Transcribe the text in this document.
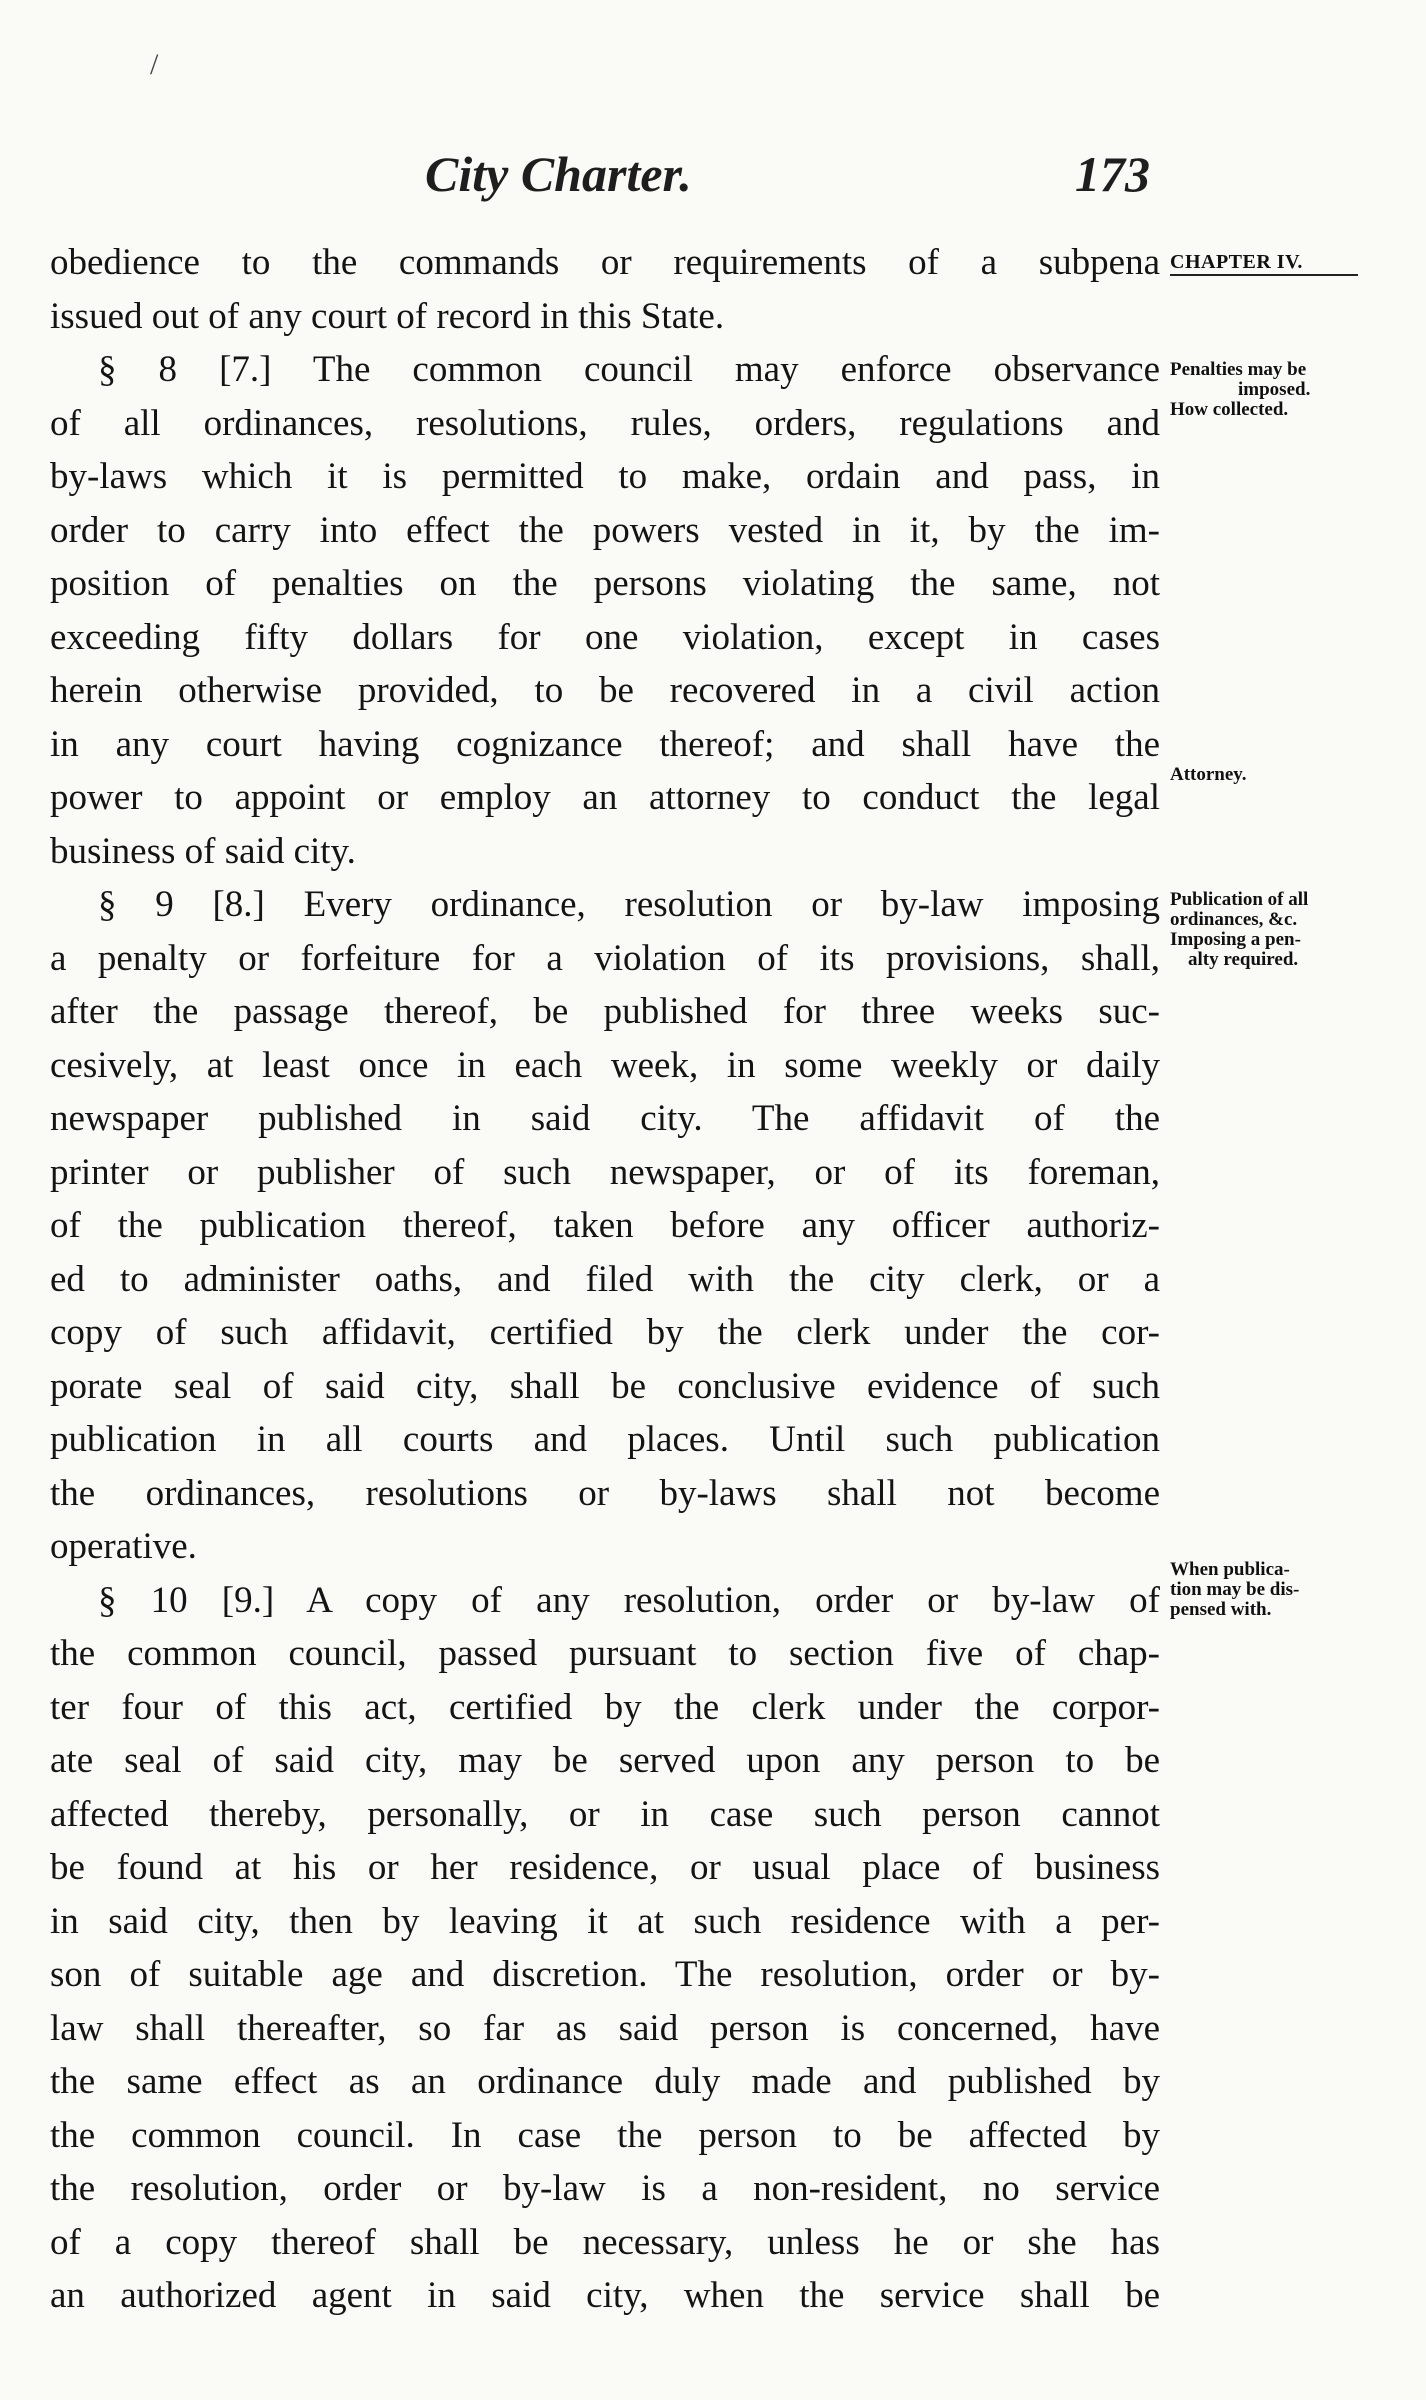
City Charter.	173
CHAPTER IV.
Penalties may be
imposed.
How collected.
Attorney.
Publication of all
ordinances, &c.
Imposing a pen-
alty required.
When publica-
tion may be dis-
pensed with.
/
obedience to the commands or requirements of a subpena
issued out of any court of record in this State.
§ 8 [7.] The common council may enforce observance
of all ordinances, resolutions, rules, orders, regulations and
by-laws which it is permitted to make, ordain and pass, in
order to carry into effect the powers vested in it, by the im-
position of penalties on the persons violating the same, not
exceeding fifty dollars for one violation, except in cases
herein otherwise provided, to be recovered in a civil action
in any court having cognizance thereof; and shall have the
power to appoint or employ an attorney to conduct the legal
business of said city.
§ 9 [8.] Every ordinance, resolution or by-law imposing
a penalty or forfeiture for a violation of its provisions, shall,
after the passage thereof, be published for three weeks suc-
cesively, at least once in each week, in some weekly or daily
newspaper published in said city. The affidavit of the
printer or publisher of such newspaper, or of its foreman,
of the publication thereof, taken before any officer authoriz-
ed to administer oaths, and filed with the city clerk, or a
copy of such affidavit, certified by the clerk under the cor-
porate seal of said city, shall be conclusive evidence of such
publication in all courts and places. Until such publication
the ordinances, resolutions or by-laws shall not become
operative.
§ 10 [9.] A copy of any resolution, order or by-law of
the common council, passed pursuant to section five of chap-
ter four of this act, certified by the clerk under the corpor-
ate seal of said city, may be served upon any person to be
affected thereby, personally, or in case such person cannot
be found at his or her residence, or usual place of business
in said city, then by leaving it at such residence with a per-
son of suitable age and discretion. The resolution, order or by-
law shall thereafter, so far as said person is concerned, have
the same effect as an ordinance duly made and published by
the common council. In case the person to be affected by
the resolution, order or by-law is a non-resident, no service
of a copy thereof shall be necessary, unless he or she has
an authorized agent in said city, when the service shall be
